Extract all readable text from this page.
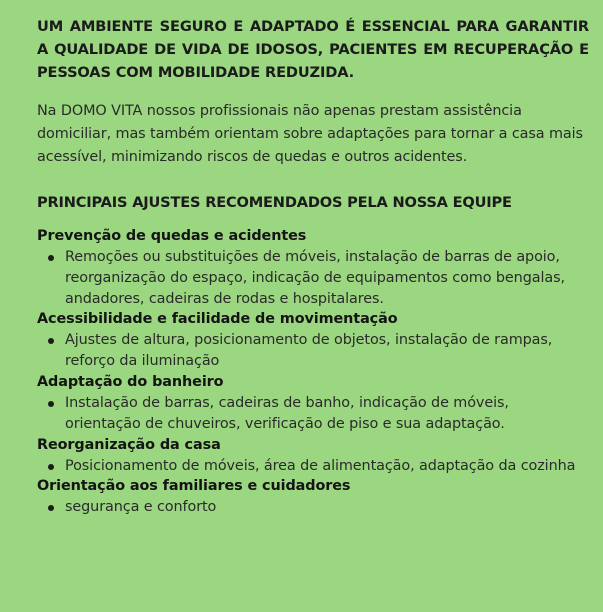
UM AMBIENTE SEGURO E ADAPTADO É ESSENCIAL PARA GARANTIR A QUALIDADE DE VIDA DE IDOSOS, PACIENTES EM RECUPERAÇÃO E PESSOAS COM MOBILIDADE REDUZIDA.

Na DOMO VITA nossos profissionais não apenas prestam assistência domiciliar, mas também orientam sobre adaptações para tornar a casa mais acessível, minimizando riscos de quedas e outros acidentes.

PRINCIPAIS AJUSTES RECOMENDADOS PELA NOSSA EQUIPE

Prevenção de quedas e acidentes

Remoções ou substituições de móveis, instalação de barras de apoio, reorganização do espaço, indicação de equipamentos como bengalas, andadores, cadeiras de rodas e hospitalares.

Acessibilidade e facilidade de movimentação

Ajustes de altura, posicionamento de objetos, instalação de rampas, reforço da iluminação

Adaptação do banheiro

Instalação de barras, cadeiras de banho, indicação de móveis, orientação de chuveiros, verificação de piso e sua adaptação.

Reorganização da casa

Posicionamento de móveis, área de alimentação, adaptação da cozinha

Orientação aos familiares e cuidadores

segurança e conforto
